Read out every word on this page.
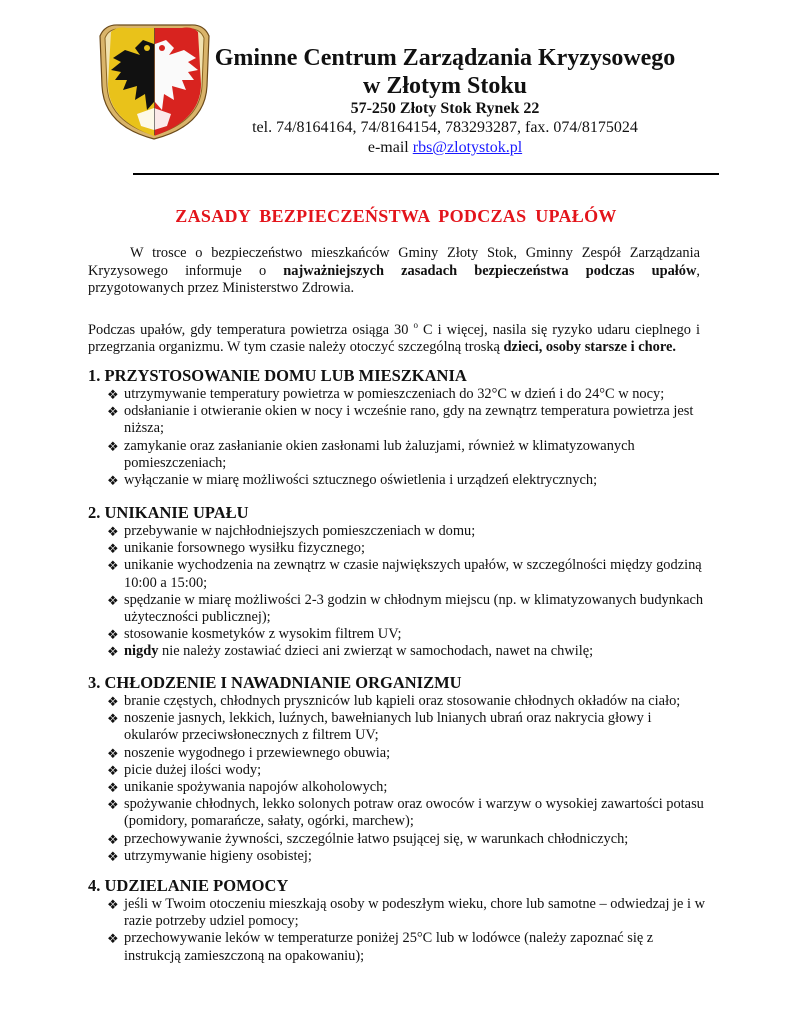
Gminne Centrum Zarządzania Kryzysowego
w Złotym Stoku
57-250 Złoty Stok Rynek 22
tel. 74/8164164, 74/8164154, 783293287, fax. 074/8175024
e-mail rbs@zlotystok.pl
ZASADY BEZPIECZEŃSTWA PODCZAS UPAŁÓW
W trosce o bezpieczeństwo mieszkańców Gminy Złoty Stok, Gminny Zespół Zarządzania Kryzysowego informuje o najważniejszych zasadach bezpieczeństwa podczas upałów, przygotowanych przez Ministerstwo Zdrowia.
Podczas upałów, gdy temperatura powietrza osiąga 30 $^o$ C i więcej, nasila się ryzyko udaru cieplnego i przegrzania organizmu. W tym czasie należy otoczyć szczególną troską dzieci, osoby starsze i chore.
1. PRZYSTOSOWANIE DOMU LUB MIESZKANIA
❖ utrzymywanie temperatury powietrza w pomieszczeniach do 32°C w dzień i do 24°C w nocy;
❖ odsłanianie i otwieranie okien w nocy i wcześnie rano, gdy na zewnątrz temperatura powietrza jest niższa;
❖ zamykanie oraz zasłanianie okien zasłonami lub żaluzjami, również w klimatyzowanych pomieszczeniach;
❖ wyłączanie w miarę możliwości sztucznego oświetlenia i urządzeń elektrycznych;
2. UNIKANIE UPAŁU
❖ przebywanie w najchłodniejszych pomieszczeniach w domu;
❖ unikanie forsownego wysiłku fizycznego;
❖ unikanie wychodzenia na zewnątrz w czasie największych upałów, w szczególności między godziną 10:00 a 15:00;
❖ spędzanie w miarę możliwości 2-3 godzin w chłodnym miejscu (np. w klimatyzowanych budynkach użyteczności publicznej);
❖ stosowanie kosmetyków z wysokim filtrem UV;
❖ nigdy nie należy zostawiać dzieci ani zwierząt w samochodach, nawet na chwilę;
3. CHŁODZENIE I NAWADNIANIE ORGANIZMU
❖ branie częstych, chłodnych pryszniców lub kąpieli oraz stosowanie chłodnych okładów na ciało;
❖ noszenie jasnych, lekkich, luźnych, bawełnianych lub lnianych ubrań oraz nakrycia głowy i okularów przeciwsłonecznych z filtrem UV;
❖ noszenie wygodnego i przewiewnego obuwia;
❖ picie dużej ilości wody;
❖ unikanie spożywania napojów alkoholowych;
❖ spożywanie chłodnych, lekko solonych potraw oraz owoców i warzyw o wysokiej zawartości potasu (pomidory, pomarańcze, sałaty, ogórki, marchew);
❖ przechowywanie żywności, szczególnie łatwo psującej się, w warunkach chłodniczych;
❖ utrzymywanie higieny osobistej;
4. UDZIELANIE POMOCY
❖ jeśli w Twoim otoczeniu mieszkają osoby w podeszłym wieku, chore lub samotne – odwiedzaj je i w razie potrzeby udziel pomocy;
❖ przechowywanie leków w temperaturze poniżej 25°C lub w lodówce (należy zapoznać się z instrukcją zamieszczoną na opakowaniu);
